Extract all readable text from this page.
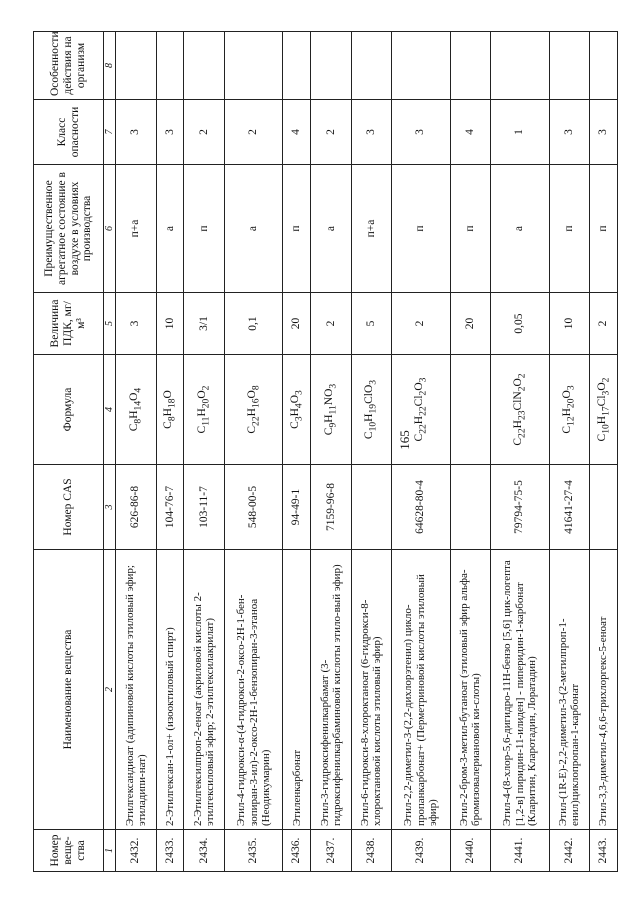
165
Номер веще-ства	Наименование вещества	Номер CAS	Формула	Величина ПДК, мг/м³	Преимущественное агрегатное состояние в воздухе в условиях производства	Класс опасности	Особенности действия на организм
1	2	3	4	5	6	7	8
2432.	Этилгександиоат (адипиновой кислоты этиловый эфир; этиладипи-нат)	626-86-8	$C_8H_{14}O_4$	3	п+а	3	
2433.	2-Этилгексан-1-ол+ (изооктиловый спирт)	104-76-7	$C_8H_{18}O$	10	а	3	
2434.	2-Этилгексилпроп-2-еноат (акриловой кислоты 2-этилгексиловый эфир; 2-этилгексилакрилат)	103-11-7	$C_{11}H_{20}O_2$	3/1	п	2	
2435.	Этил-4-гидрокси-α-(4-гидрокси-2-оксо-2Н-1-бен-зопиран-3-ил)-2-оксо-2Н-1-бензопиран-3-этаноа (Неодикумарин)	548-00-5	$C_{22}H_{16}O_8$	0,1	а	2	
2436.	Этиленкарбонат	94-49-1	$C_3H_4O_3$	20	п	4	
2437.	Этил-3-гидроксифенилкарбамат (3-гидроксифенилкарбаминовой кислоты этило-вый эфир)	7159-96-8	$C_9H_{11}NO_3$	2	а	2	
2438.	Этил-6-гидрокси-8-хлороктаноат (6-гидрокси-8-хлороктановой кислоты этиловый эфир)		$C_{10}H_{19}ClO_3$	5	п+а	3	
2439.	Этил-2,2-диметил-3-(2,2-дихлорэтенил) цикло-пропанкарбонат+ (Перметриновой кислоты этиловый эфир)	64628-80-4	$C_{22}H_{22}Cl_2O_3$	2	п	3	
2440.	Этил-2-бром-3-метил-бутаноат (этиловый эфир альфа-бромизовалериановой ки-слоты)			20	п	4	
2441.	Этил-4-(8-хлор-5,6-дигидро-11Н-бензо [5,6] цик-логепта [1,2-в] пиридин-11-илиден] - пиперидин-1-карбонат (Кларитин, Кларотадин, Лоратадин)	79794-75-5	$C_{22}H_{23}ClN_2O_2$	0,05	а	1	
2442.	Этил-(1R-E)-2,2-диметил-3-(2-метилпроп-1-енил)циклопропан-1-карбонат	41641-27-4	$C_{12}H_{20}O_3$	10	п	3	
2443.	Этил-3,3-диметил-4,6,6-трихлоргекс-5-еноат		$C_{10}H_{17}Cl_3O_2$	2	п	3	
